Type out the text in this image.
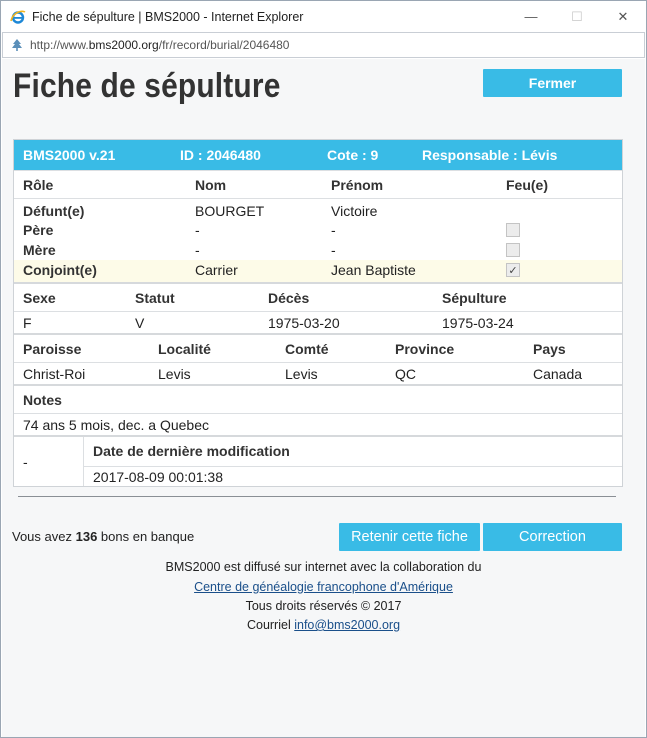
Fiche de sépulture | BMS2000 - Internet Explorer	—	☐	✕
http://www.bms2000.org/fr/record/burial/2046480
Fiche de sépulture	Fermer
BMS2000 v.21	ID : 2046480	Cote : 9	Responsable : Lévis
Rôle	Nom	Prénom	Feu(e)
Défunt(e)	BOURGET	Victoire
Père	-	-
Mère	-	-
Conjoint(e)	Carrier	Jean Baptiste	✓
Sexe	Statut	Décès	Sépulture
F	V	1975-03-20	1975-03-24
Paroisse	Localité	Comté	Province	Pays
Christ-Roi	Levis	Levis	QC	Canada
Notes
74 ans 5 mois, dec. a Quebec
-
Date de dernière modification
2017-08-09 00:01:38
Vous avez 136 bons en banque	Retenir cette fiche	Correction
BMS2000 est diffusé sur internet avec la collaboration du
Centre de généalogie francophone d'Amérique
Tous droits réservés © 2017
Courriel info@bms2000.org
